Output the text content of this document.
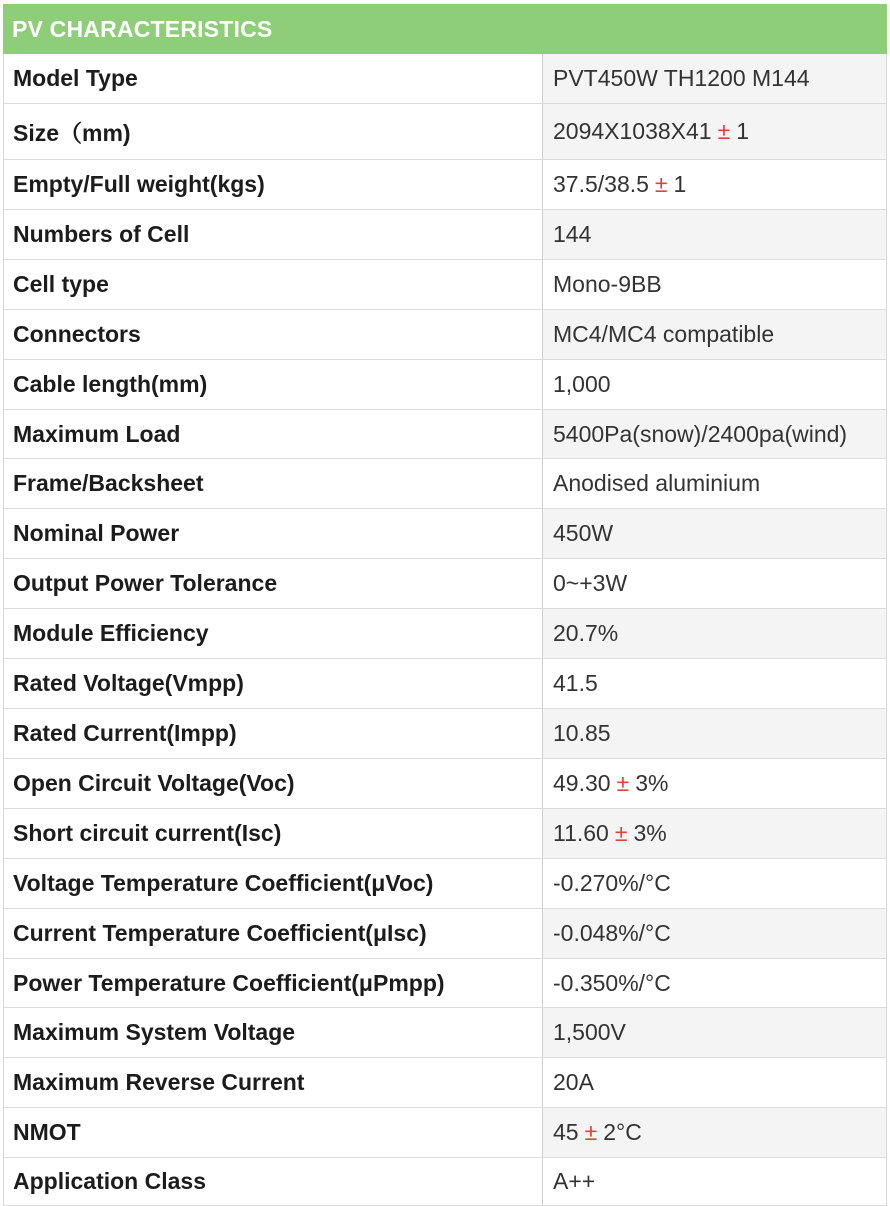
PV CHARACTERISTICS
Model Type	PVT450W TH1200 M144
Size（mm)	2094X1038X41 ± 1
Empty/Full weight(kgs)	37.5/38.5 ± 1
Numbers of Cell	144
Cell type	Mono-9BB
Connectors	MC4/MC4 compatible
Cable length(mm)	1,000
Maximum Load	5400Pa(snow)/2400pa(wind)
Frame/Backsheet	Anodised aluminium
Nominal Power	450W
Output Power Tolerance	0~+3W
Module Efficiency	20.7%
Rated Voltage(Vmpp)	41.5
Rated Current(Impp)	10.85
Open Circuit Voltage(Voc)	49.30 ± 3%
Short circuit current(Isc)	11.60 ± 3%
Voltage Temperature Coefficient(μVoc)	-0.270%/°C
Current Temperature Coefficient(μIsc)	-0.048%/°C
Power Temperature Coefficient(μPmpp)	-0.350%/°C
Maximum System Voltage	1,500V
Maximum Reverse Current	20A
NMOT	45 ± 2°C
Application Class	A++
